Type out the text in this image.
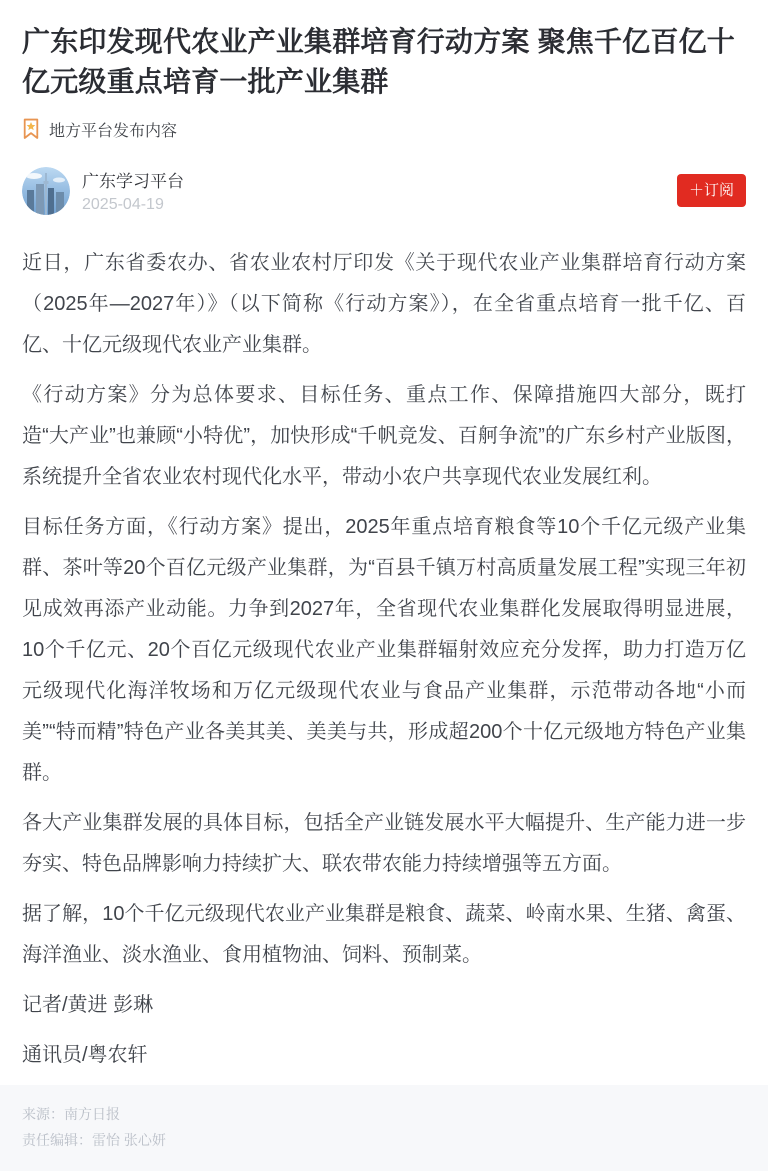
广东印发现代农业产业集群培育行动方案 聚焦千亿百亿十亿元级重点培育一批产业集群
地方平台发布内容
广东学习平台
2025-04-19
＋订阅

近日，广东省委农办、省农业农村厅印发《关于现代农业产业集群培育行动方案（2025年—2027年）》（以下简称《行动方案》），在全省重点培育一批千亿、百亿、十亿元级现代农业产业集群。

《行动方案》分为总体要求、目标任务、重点工作、保障措施四大部分，既打造“大产业”也兼顾“小特优”，加快形成“千帆竞发、百舸争流”的广东乡村产业版图，系统提升全省农业农村现代化水平，带动小农户共享现代农业发展红利。

目标任务方面，《行动方案》提出，2025年重点培育粮食等10个千亿元级产业集群、茶叶等20个百亿元级产业集群，为“百县千镇万村高质量发展工程”实现三年初见成效再添产业动能。力争到2027年，全省现代农业集群化发展取得明显进展，10个千亿元、20个百亿元级现代农业产业集群辐射效应充分发挥，助力打造万亿元级现代化海洋牧场和万亿元级现代农业与食品产业集群，示范带动各地“小而美”“特而精”特色产业各美其美、美美与共，形成超200个十亿元级地方特色产业集群。

各大产业集群发展的具体目标，包括全产业链发展水平大幅提升、生产能力进一步夯实、特色品牌影响力持续扩大、联农带农能力持续增强等五方面。

据了解，10个千亿元级现代农业产业集群是粮食、蔬菜、岭南水果、生猪、禽蛋、海洋渔业、淡水渔业、食用植物油、饲料、预制菜。

记者/黄进 彭琳

通讯员/粤农轩

来源：南方日报
责任编辑：雷怡 张心妍
